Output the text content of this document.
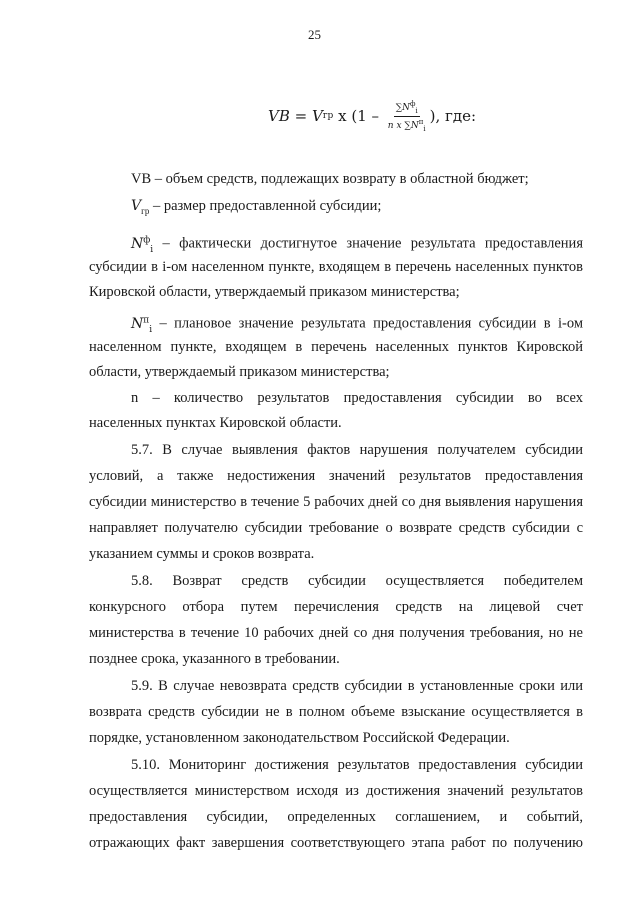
25
VB
=
V гр
x (1 –
$\frac{\sum N^ф_i}{n x \sum N^п_i}$ ),
где:
VB – объем средств, подлежащих возврату в областной бюджет;
$V_{гр}$ – размер предоставленной субсидии;
$N^ф_i$ – фактически достигнутое значение результата предоставления
субсидии в i-ом населенном пункте, входящем в перечень населенных пунктов
Кировской области, утверждаемый приказом министерства;
$N^п_i$ – плановое значение результата предоставления субсидии в i-ом
населенном пункте, входящем в перечень населенных пунктов Кировской
области, утверждаемый приказом министерства;
n – количество результатов предоставления субсидии во всех
населенных пунктах Кировской области.
5.7. В случае выявления фактов нарушения получателем субсидии
условий, а также недостижения значений результатов предоставления
субсидии министерство в течение 5 рабочих дней со дня выявления нарушения
направляет получателю субсидии требование о возврате средств субсидии с
указанием суммы и сроков возврата.
5.8. Возврат средств субсидии осуществляется победителем
конкурсного отбора путем перечисления средств на лицевой счет
министерства в течение 10 рабочих дней со дня получения требования, но не
позднее срока, указанного в требовании.
5.9. В случае невозврата средств субсидии в установленные сроки или
возврата средств субсидии не в полном объеме взыскание осуществляется в
порядке, установленном законодательством Российской Федерации.
5.10. Мониторинг достижения результатов предоставления субсидии
осуществляется министерством исходя из достижения значений результатов
предоставления субсидии, определенных соглашением, и событий,
отражающих факт завершения соответствующего этапа работ по получению
